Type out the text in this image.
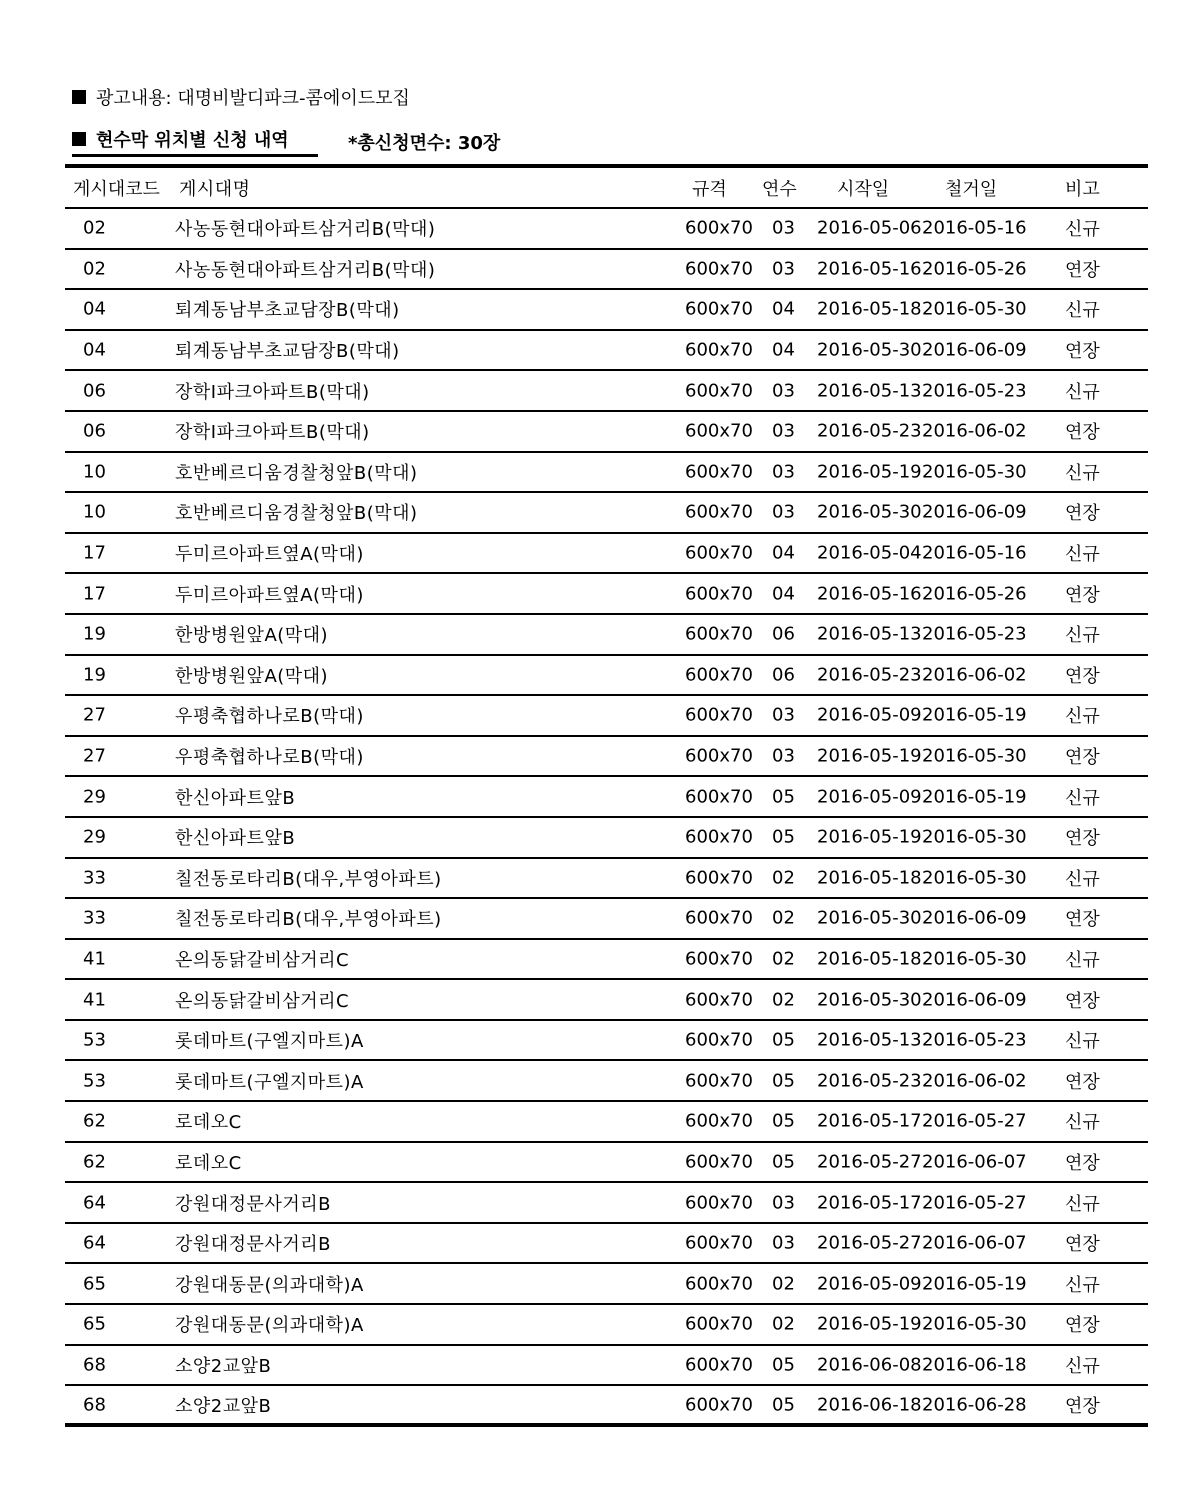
광고내용: 대명비발디파크-콤에이드모집
현수막 위치별 신청 내역	*총신청면수: 30장
게시대코드 게시대명	규격 연수 시작일	철거일	비고
02	사농동현대아파트삼거리B(막대)	600x70 03 2016-05-06 2016-05-16 신규
02	사농동현대아파트삼거리B(막대)	600x70 03 2016-05-16 2016-05-26 연장
04	퇴계동남부초교담장B(막대)	600x70 04 2016-05-18 2016-05-30 신규
04	퇴계동남부초교담장B(막대)	600x70 04 2016-05-30 2016-06-09 연장
06	장학I파크아파트B(막대)	600x70 03 2016-05-13 2016-05-23 신규
06	장학I파크아파트B(막대)	600x70 03 2016-05-23 2016-06-02 연장
10	호반베르디움경찰청앞B(막대)	600x70 03 2016-05-19 2016-05-30 신규
10	호반베르디움경찰청앞B(막대)	600x70 03 2016-05-30 2016-06-09 연장
17	두미르아파트옆A(막대)	600x70 04 2016-05-04 2016-05-16 신규
17	두미르아파트옆A(막대)	600x70 04 2016-05-16 2016-05-26 연장
19	한방병원앞A(막대)	600x70 06 2016-05-13 2016-05-23 신규
19	한방병원앞A(막대)	600x70 06 2016-05-23 2016-06-02 연장
27	우평축협하나로B(막대)	600x70 03 2016-05-09 2016-05-19 신규
27	우평축협하나로B(막대)	600x70 03 2016-05-19 2016-05-30 연장
29	한신아파트앞B	600x70 05 2016-05-09 2016-05-19 신규
29	한신아파트앞B	600x70 05 2016-05-19 2016-05-30 연장
33	칠전동로타리B(대우,부영아파트)	600x70 02 2016-05-18 2016-05-30 신규
33	칠전동로타리B(대우,부영아파트)	600x70 02 2016-05-30 2016-06-09 연장
41	온의동닭갈비삼거리C	600x70 02 2016-05-18 2016-05-30 신규
41	온의동닭갈비삼거리C	600x70 02 2016-05-30 2016-06-09 연장
53	롯데마트(구엘지마트)A	600x70 05 2016-05-13 2016-05-23 신규
53	롯데마트(구엘지마트)A	600x70 05 2016-05-23 2016-06-02 연장
62	로데오C	600x70 05 2016-05-17 2016-05-27 신규
62	로데오C	600x70 05 2016-05-27 2016-06-07 연장
64	강원대정문사거리B	600x70 03 2016-05-17 2016-05-27 신규
64	강원대정문사거리B	600x70 03 2016-05-27 2016-06-07 연장
65	강원대동문(의과대학)A	600x70 02 2016-05-09 2016-05-19 신규
65	강원대동문(의과대학)A	600x70 02 2016-05-19 2016-05-30 연장
68	소양2교앞B	600x70 05 2016-06-08 2016-06-18 신규
68	소양2교앞B	600x70 05 2016-06-18 2016-06-28 연장
